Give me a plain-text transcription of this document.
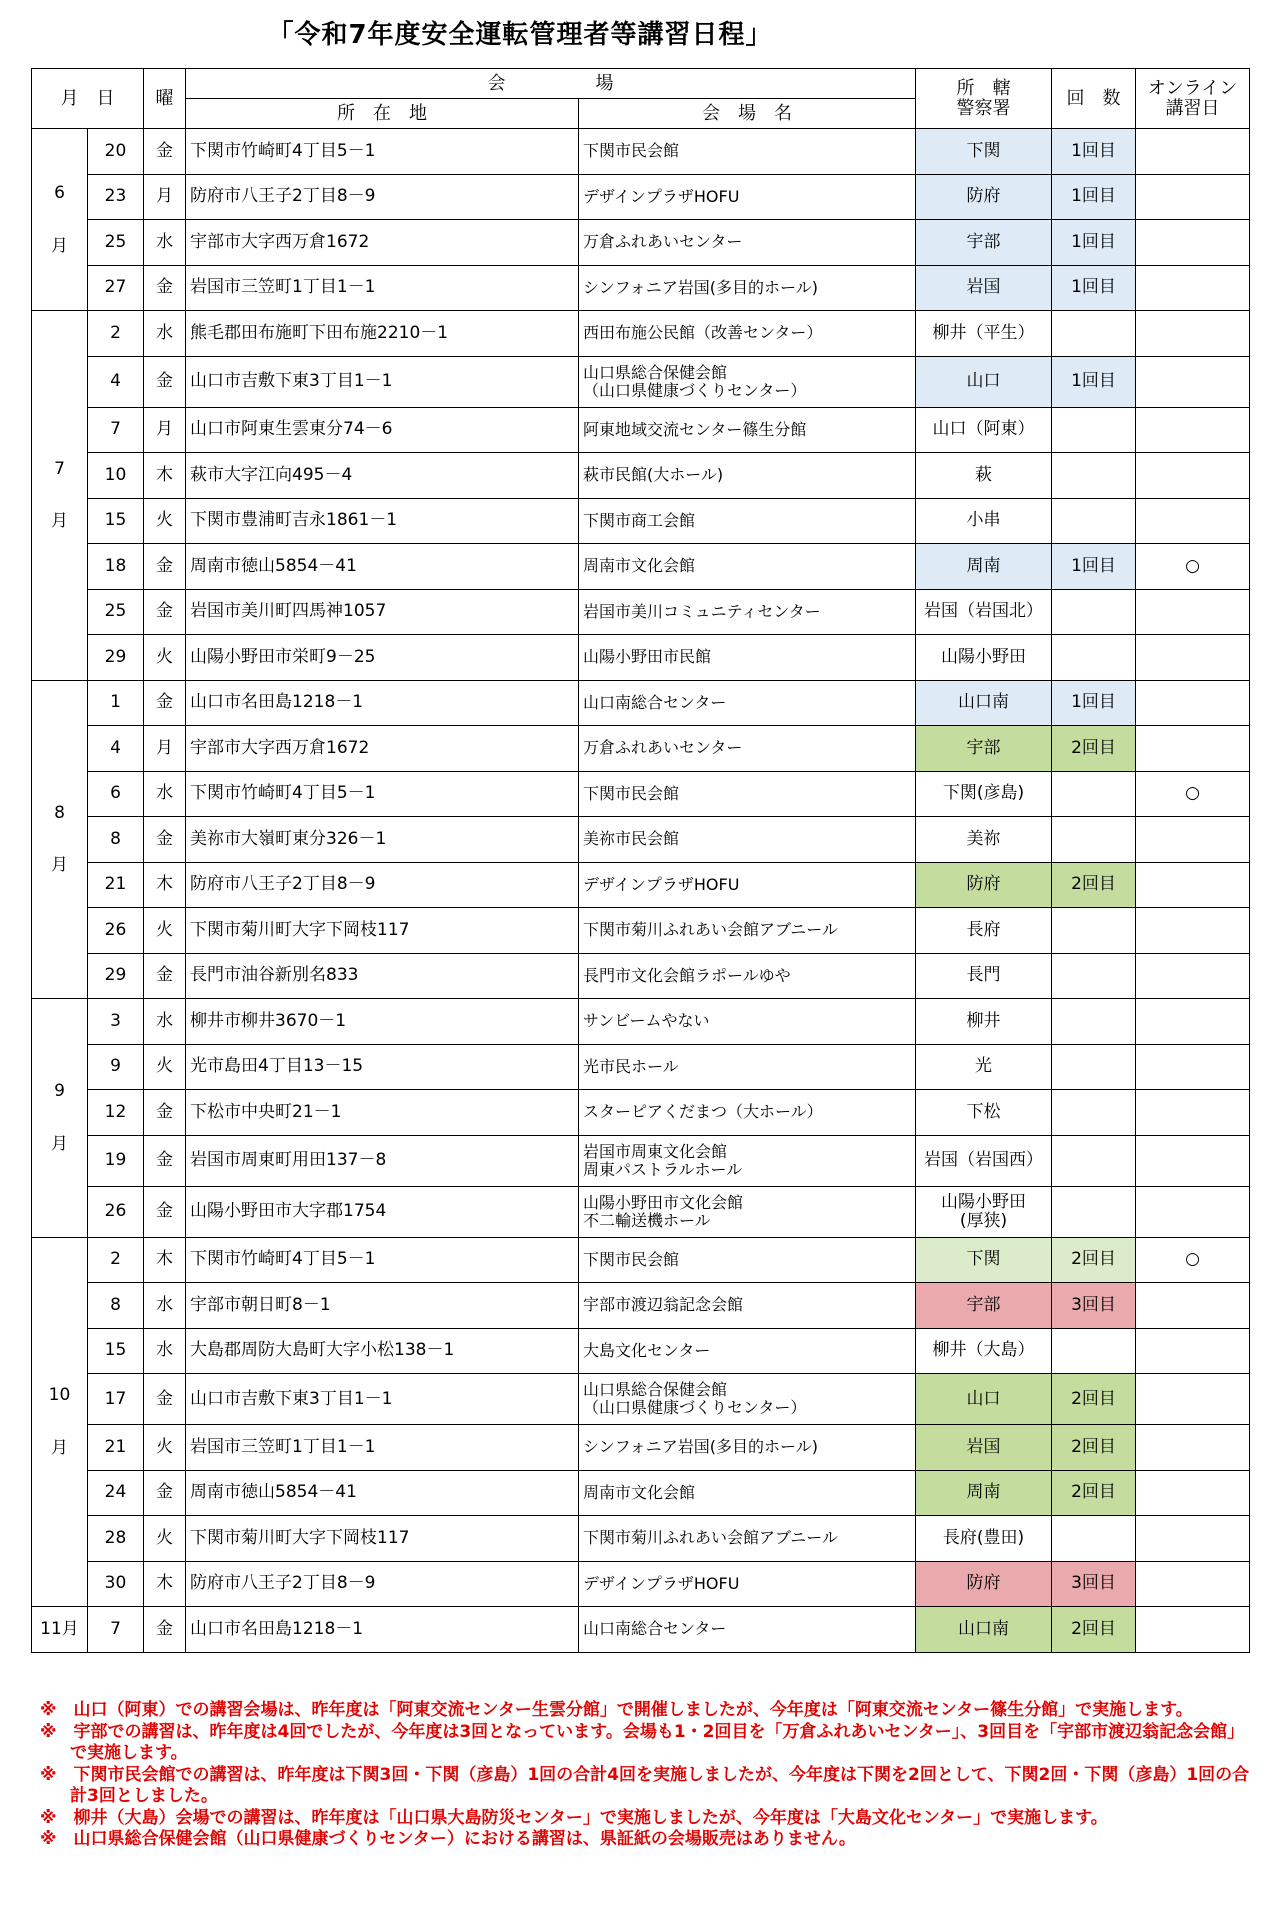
「令和7年度安全運転管理者等講習日程」
月　日		曜	会　　　　　場		所　轄
警察署	回　数	オンライン
講習日

			所　在　地	会　場　名			

6
月	20	金	下関市竹崎町4丁目5－1	下関市民会館	下関	1回目	
	23	月	防府市八王子2丁目8－9	デザインプラザHOFU	防府	1回目	
	25	水	宇部市大字西万倉1672	万倉ふれあいセンター	宇部	1回目	
	27	金	岩国市三笠町1丁目1－1	シンフォニア岩国(多目的ホール)	岩国	1回目	

7
月	2	水	熊毛郡田布施町下田布施2210－1	西田布施公民館（改善センター）	柳井（平生）		

	4	金	山口市吉敷下東3丁目1－1	山口県総合保健会館
（山口県健康づくりセンター）	山口	1回目	
	7	月	山口市阿東生雲東分74－6	阿東地域交流センター篠生分館	山口（阿東）		

	10	木	萩市大字江向495－4	萩市民館(大ホール)	萩		

	15	火	下関市豊浦町吉永1861－1	下関市商工会館	小串		

	18	金	周南市徳山5854－41	周南市文化会館	周南	1回目	○
	25	金	岩国市美川町四馬神1057	岩国市美川コミュニティセンター	岩国（岩国北）		

	29	火	山陽小野田市栄町9－25	山陽小野田市民館	山陽小野田		

8
月	1	金	山口市名田島1218－1	山口南総合センター	山口南	1回目	
	4	月	宇部市大字西万倉1672	万倉ふれあいセンター	宇部	2回目	
	6	水	下関市竹崎町4丁目5－1	下関市民会館	下関(彦島)		○
	8	金	美祢市大嶺町東分326－1	美祢市民会館	美祢		

	21	木	防府市八王子2丁目8－9	デザインプラザHOFU	防府	2回目	
	26	火	下関市菊川町大字下岡枝117	下関市菊川ふれあい会館アブニール	長府		

	29	金	長門市油谷新別名833	長門市文化会館ラポールゆや	長門		

9
月	3	水	柳井市柳井3670－1	サンビームやない	柳井		

	9	火	光市島田4丁目13－15	光市民ホール	光		

	12	金	下松市中央町21－1	スターピアくだまつ（大ホール）	下松		

	19	金	岩国市周東町用田137－8	岩国市周東文化会館
周東パストラルホール	岩国（岩国西）		

	26	金	山陽小野田市大字郡1754	山陽小野田市文化会館
不二輸送機ホール	山陽小野田
(厚狭)		

10
月	2	木	下関市竹崎町4丁目5－1	下関市民会館	下関	2回目	○
	8	水	宇部市朝日町8－1	宇部市渡辺翁記念会館	宇部	3回目	
	15	水	大島郡周防大島町大字小松138－1	大島文化センター	柳井（大島）		

	17	金	山口市吉敷下東3丁目1－1	山口県総合保健会館
（山口県健康づくりセンター）	山口	2回目	
	21	火	岩国市三笠町1丁目1－1	シンフォニア岩国(多目的ホール)	岩国	2回目	
	24	金	周南市徳山5854－41	周南市文化会館	周南	2回目	
	28	火	下関市菊川町大字下岡枝117	下関市菊川ふれあい会館アブニール	長府(豊田)		

	30	木	防府市八王子2丁目8－9	デザインプラザHOFU	防府	3回目	

11月	7	金	山口市名田島1218－1	山口南総合センター	山口南	2回目	
※　山口（阿東）での講習会場は、昨年度は「阿東交流センター生雲分館」で開催しましたが、今年度は「阿東交流センター篠生分館」で実施します。
※　宇部での講習は、昨年度は4回でしたが、今年度は3回となっています。会場も1・2回目を「万倉ふれあいセンター」、3回目を「宇部市渡辺翁記念会館」で実施します。
※　下関市民会館での講習は、昨年度は下関3回・下関（彦島）1回の合計4回を実施しましたが、今年度は下関を2回として、下関2回・下関（彦島）1回の合計3回としました。
※　柳井（大島）会場での講習は、昨年度は「山口県大島防災センター」で実施しましたが、今年度は「大島文化センター」で実施します。
※　山口県総合保健会館（山口県健康づくりセンター）における講習は、県証紙の会場販売はありません。
